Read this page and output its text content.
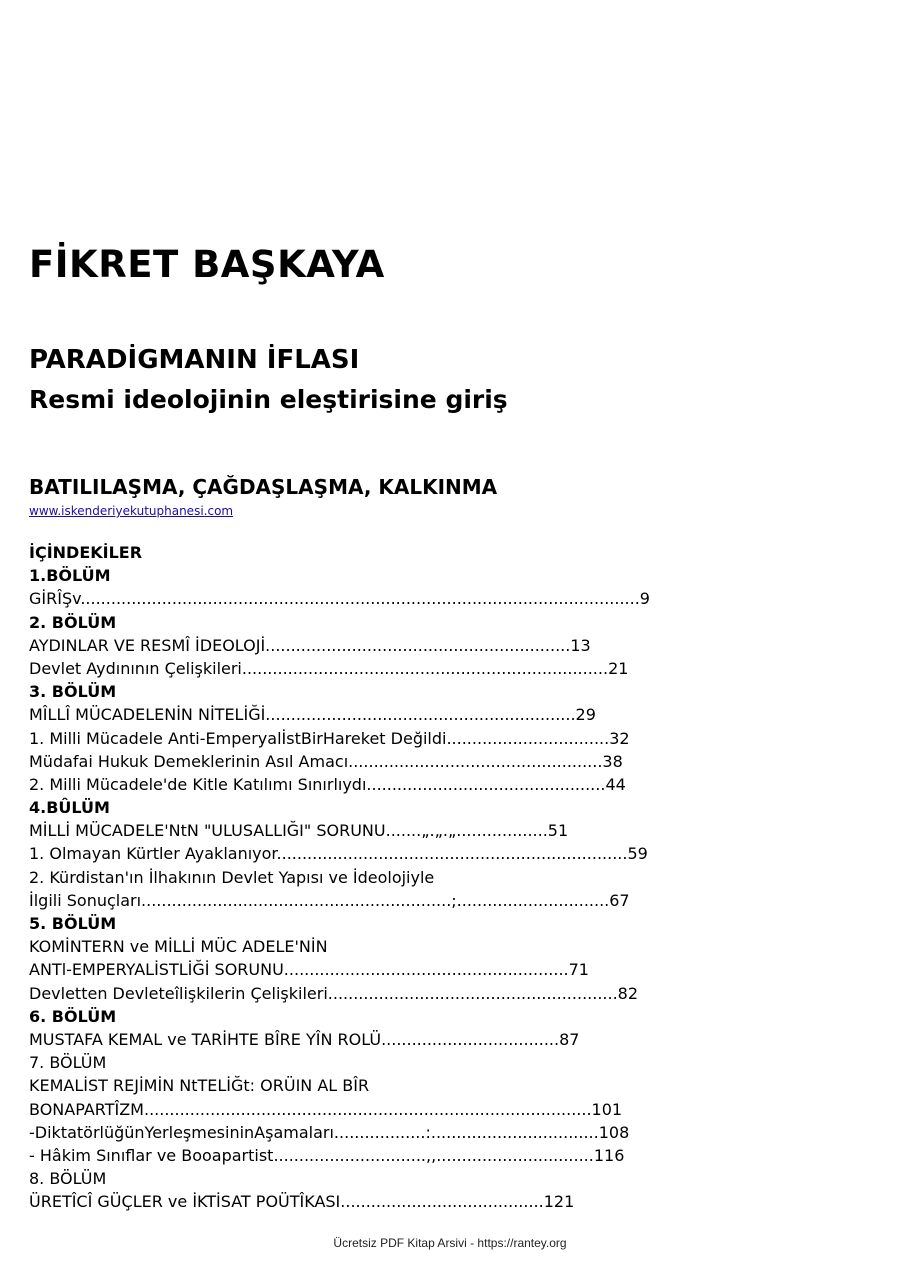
FİKRET BAŞKAYA
PARADİGMANIN İFLASI
Resmi ideolojinin eleştirisine giriş
BATILILAŞMA, ÇAĞDAŞLAŞMA, KALKINMA
www.iskenderiyekutuphanesi.com
İÇİNDEKİLER
1.BÖLÜM
GİRÎŞv..............................................................................................................9
2. BÖLÜM
AYDINLAR VE RESMÎ İDEOLOJİ............................................................13
Devlet Aydınının Çelişkileri........................................................................21
3. BÖLÜM
MÎLLÎ MÜCADELENİN NİTELİĞİ.............................................................29
1. Milli Mücadele Anti-EmperyalİstBirHareket Değildi................................32
Müdafai Hukuk Demeklerinin Asıl Amacı..................................................38
2. Milli Mücadele'de Kitle Katılımı Sınırlıydı...............................................44
4.BÛLÜM
MİLLİ MÜCADELE'NtN "ULUSALLIĞI" SORUNU.......„.„.„..................51
1. Olmayan Kürtler Ayaklanıyor.....................................................................59
2. Kürdistan'ın İlhakının Devlet Yapısı ve İdeolojiyle
İlgili Sonuçları.............................................................;..............................67
5. BÖLÜM
KOMİNTERN ve MİLLİ MÜC ADELE'NİN
ANTl-EMPERYALİSTLİĞİ SORUNU........................................................71
Devletten Devleteîlişkilerin Çelişkileri.........................................................82
6. BÖLÜM
MUSTAFA KEMAL ve TARİHTE BÎRE YÎN ROLÜ...................................87
7. BÖLÜM
KEMALİST REJİMİN NtTELİĞt: ORÜIN AL BÎR
BONAPARTÎZM........................................................................................101
-DiktatörlüğünYerleşmesininAşamaları..................:.................................108
- Hâkim Sınıflar ve Booapartist..............................,,...............................116
8. BÖLÜM
ÜRETÎCÎ GÜÇLER ve İKTİSAT POÜTÎKASI........................................121
Ücretsiz PDF Kitap Arsivi - https://rantey.org
